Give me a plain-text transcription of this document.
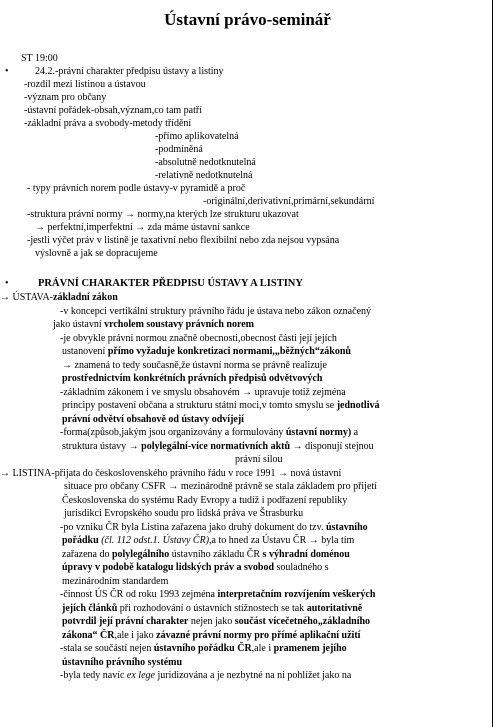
Ústavní právo-seminář
ST 19:00
•	24.2.-právní charakter předpisu ústavy a listiny
-rozdíl mezi listinou a ústavou
-význam pro občany
-ústavní pořádek-obsah,význam,co tam patří
-základní práva a svobody-metody třídění
-přímo aplikovatelná
-podmíněná
-absolutně nedotknutelná
-relativně nedotknutelná
- typy právních norem podle ústavy-v pyramidě a proč
-originální,derivativní,primární,sekundární
-struktura právní normy → normy,na kterých lze strukturu ukazovat
→ perfektní,imperfektní → zda máme ústavní sankce
-jestli výčet práv v listině je taxativní nebo flexibilní nebo zda nejsou vypsána
výslovně a jak se dopracujeme
•	PRÁVNÍ CHARAKTER PŘEDPISU ÚSTAVY A LISTINY
→ ÚSTAVA-základní zákon
-v koncepci vertikální struktury právního řádu je ústava nebo zákon označený
jako ústavní vrcholem soustavy právních norem
-je obvykle právní normou značně obecnosti,obecnost části její jejích
ustanovení přímo vyžaduje konkretizaci normami,„běžných“zákonů
→ znamená to tedy současně,že ústavní norma se právně realizuje
prostřednictvím konkrétních právních předpisů odvětvových
-základním zákonem i ve smyslu obsahovém → upravuje totiž zejména
principy postavení občana a strukturu státní moci,v tomto smyslu se jednotlivá
právní odvětví obsahově od ústavy odvíjejí
-forma(způsob,jakým jsou organizovány a formulovány ústavní normy) a
struktura ústavy → polylegální-více normativních aktů → disponují stejnou
právní silou
→ LISTINA-přijata do československého právního řádu v roce 1991 → nová ústavní
situace pro občany CSFR → mezinárodně právně se stala základem pro přijetí
Československa do systému Rady Evropy a tudíž i podřazení republiky
jurisdikci Evropského soudu pro lidská práva ve Štrasburku
-po vzniku ČR byla Listina zařazena jako druhý dokument do tzv. ústavního
pořádku (čl. 112 odst.1. Ústavy ČR),a to hned za Ústavu ČR → byla tím
zařazena do polylegálního ústavního základu ČR s výhradní doménou
úpravy v podobě katalogu lidských práv a svobod souladného s
mezinárodním standardem
-činnost ÚS ČR od roku 1993 zejména interpretačním rozvíjením veškerých
jejích článků při rozhodování o ústavních stížnostech se tak autoritativně
potvrdil její právní charakter nejen jako součást vícečetného„základního
zákona“ ČR,ale i jako závazné právní normy pro přímé aplikační užití
-stala se součástí nejen ústavního pořádku ČR,ale i pramenem jejího
ústavního právního systému
-byla tedy navíc ex lege juridizována a je nezbytné na ni pohlížet jako na
